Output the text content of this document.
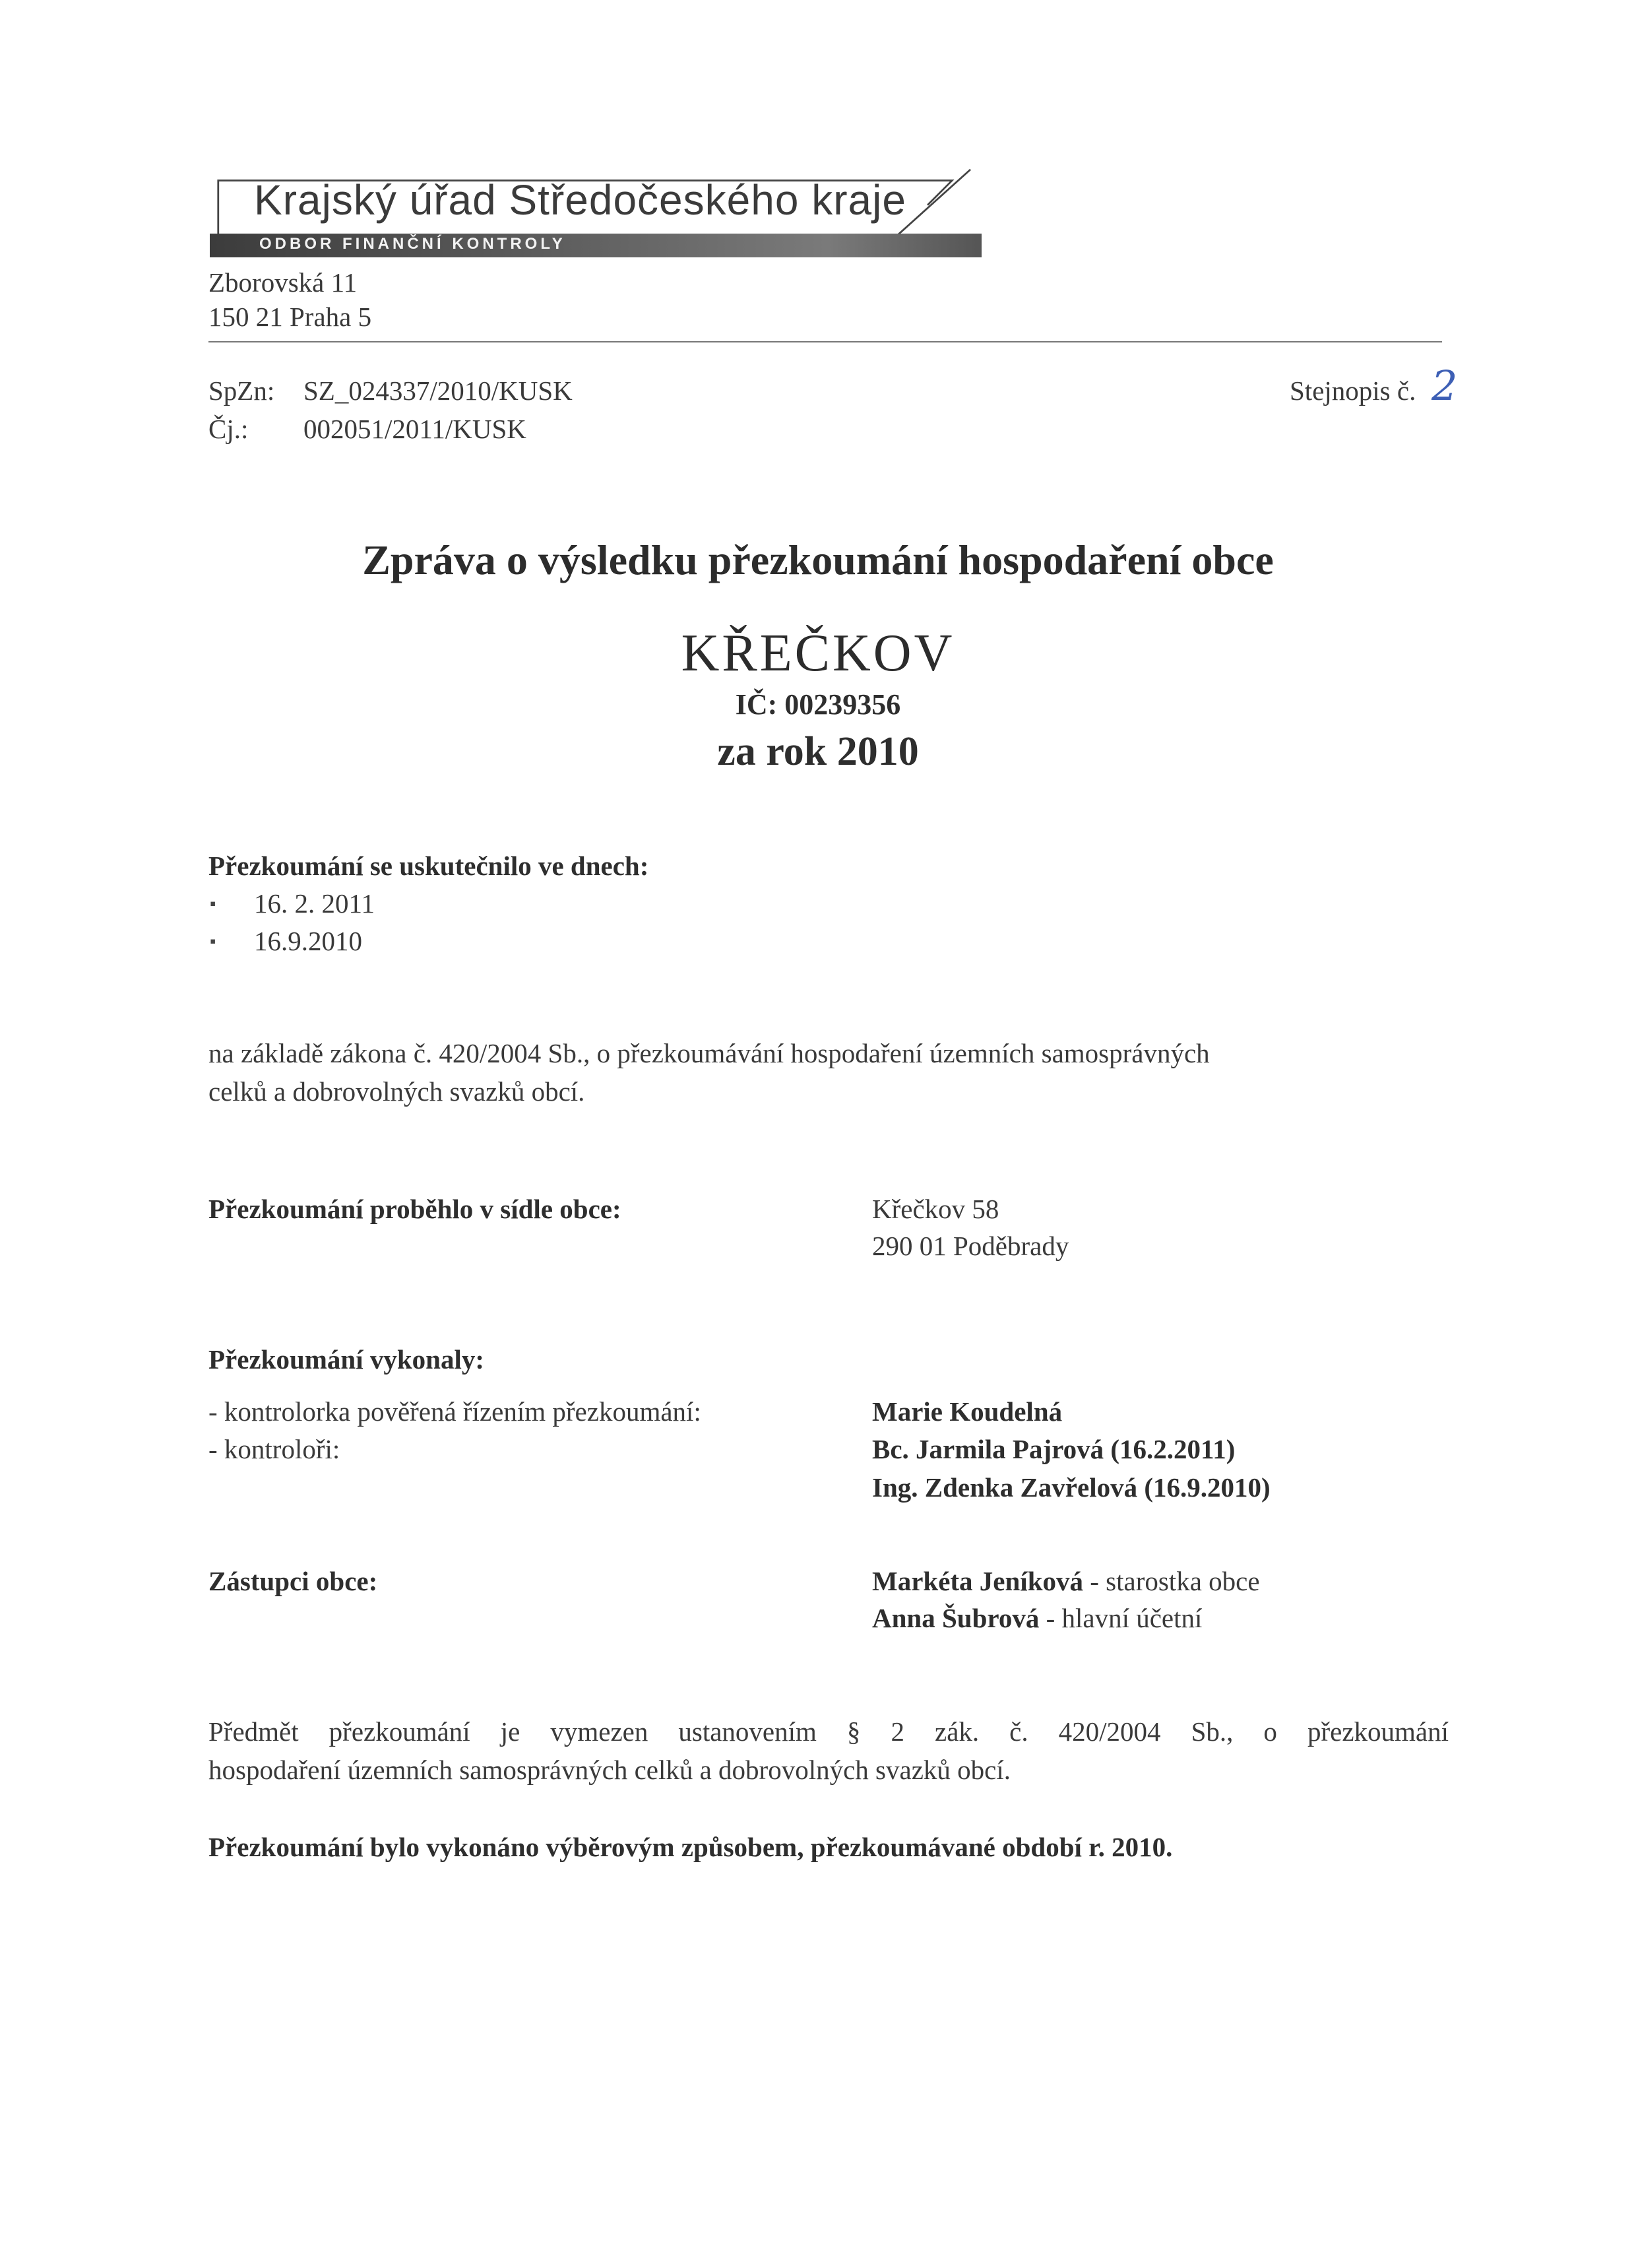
Krajský úřad Středočeského kraje
ODBOR FINANČNÍ KONTROLY
Zborovská 11
150 21 Praha 5
SpZn: SZ_024337/2010/KUSK
Čj.: 002051/2011/KUSK
Stejnopis č. 2
Zpráva o výsledku přezkoumání hospodaření obce
KŘEČKOV
IČ: 00239356
za rok 2010
Přezkoumání se uskutečnilo ve dnech:
▪ 16. 2. 2011
▪ 16.9.2010
na základě zákona č. 420/2004 Sb., o přezkoumávání hospodaření územních samosprávných
celků a dobrovolných svazků obcí.
Přezkoumání proběhlo v sídle obce:	Křečkov 58
290 01 Poděbrady
Přezkoumání vykonaly:
- kontrolorka pověřená řízením přezkoumání:
- kontroloři:
Marie Koudelná
Bc. Jarmila Pajrová (16.2.2011)
Ing. Zdenka Zavřelová (16.9.2010)
Zástupci obce:	Markéta Jeníková - starostka obce
Anna Šubrová - hlavní účetní
Předmět přezkoumání je vymezen ustanovením § 2 zák. č. 420/2004 Sb., o přezkoumání
hospodaření územních samosprávných celků a dobrovolných svazků obcí.
Přezkoumání bylo vykonáno výběrovým způsobem, přezkoumávané období r. 2010.
